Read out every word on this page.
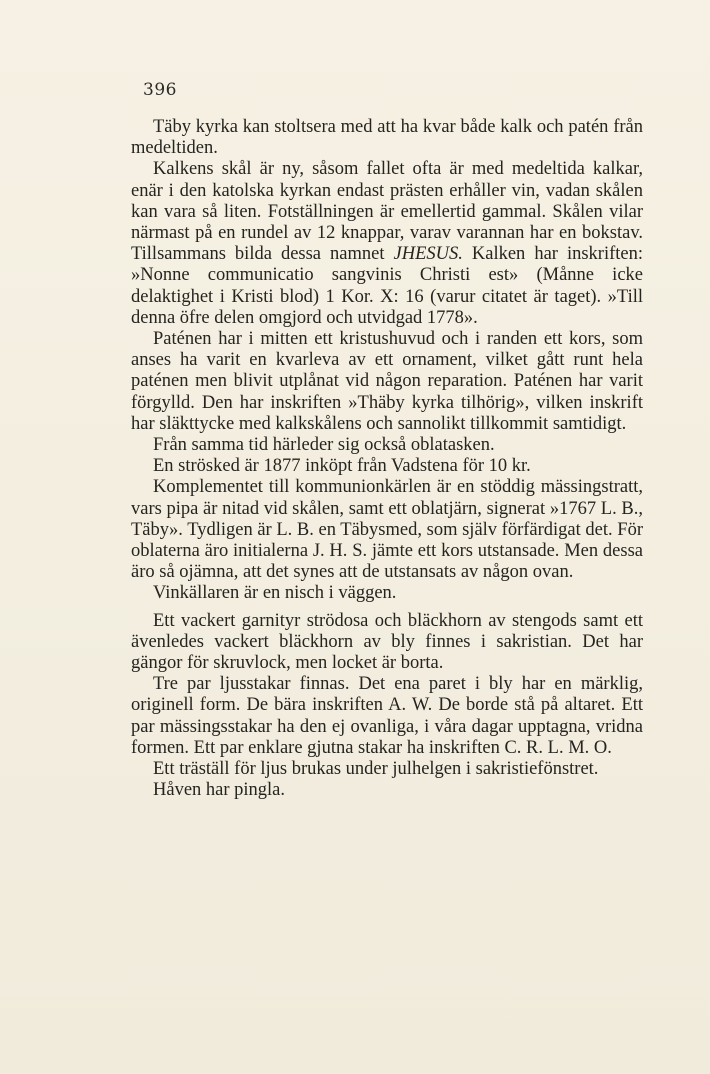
396

Täby kyrka kan stoltsera med att ha kvar både kalk och patén från medeltiden.

Kalkens skål är ny, såsom fallet ofta är med medeltida kalkar, enär i den katolska kyrkan endast prästen erhåller vin, vadan skålen kan vara så liten. Fotställningen är emellertid gammal. Skålen vilar närmast på en rundel av 12 knappar, varav varannan har en bokstav. Tillsammans bilda dessa namnet JHESUS. Kalken har inskriften: »Nonne communicatio sangvinis Christi est» (Månne icke delaktighet i Kristi blod) 1 Kor. X: 16 (varur citatet är taget). »Till denna öfre delen omgjord och utvidgad 1778».

Paténen har i mitten ett kristushuvud och i randen ett kors, som anses ha varit en kvarleva av ett ornament, vilket gått runt hela paténen men blivit utplånat vid någon reparation. Paténen har varit förgylld. Den har inskriften »Thäby kyrka tilhörig», vilken inskrift har släkttycke med kalkskålens och sannolikt tillkommit samtidigt.

Från samma tid härleder sig också oblatasken.

En strösked är 1877 inköpt från Vadstena för 10 kr.

Komplementet till kommunionkärlen är en stöddig mässingstratt, vars pipa är nitad vid skålen, samt ett oblatjärn, signerat »1767 L. B., Täby». Tydligen är L. B. en Täbysmed, som själv förfärdigat det. För oblaterna äro initialerna J. H. S. jämte ett kors utstansade. Men dessa äro så ojämna, att det synes att de utstansats av någon ovan.

Vinkällaren är en nisch i väggen.

Ett vackert garnityr strödosa och bläckhorn av stengods samt ett ävenledes vackert bläckhorn av bly finnes i sakristian. Det har gängor för skruvlock, men locket är borta.

Tre par ljusstakar finnas. Det ena paret i bly har en märklig, originell form. De bära inskriften A. W. De borde stå på altaret. Ett par mässingsstakar ha den ej ovanliga, i våra dagar upptagna, vridna formen. Ett par enklare gjutna stakar ha inskriften C. R. L. M. O.

Ett träställ för ljus brukas under julhelgen i sakristiefönstret.

Håven har pingla.
